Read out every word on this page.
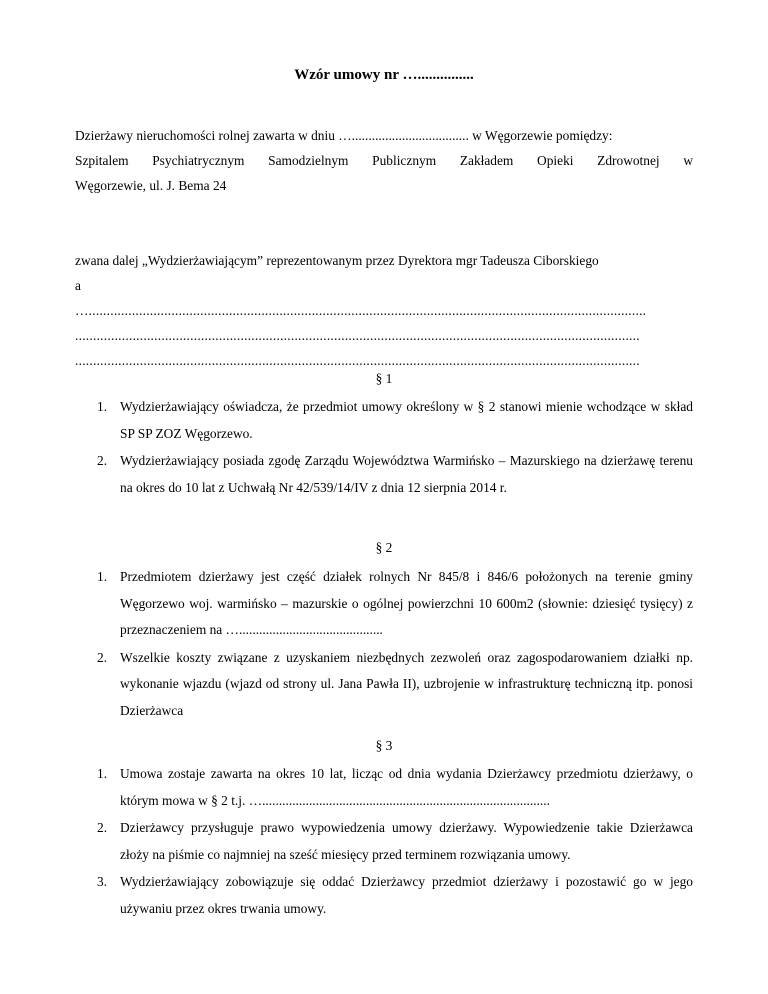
Wzór umowy nr …...............

Dzierżawy nieruchomości rolnej zawarta w dniu …................................... w Węgorzewie pomiędzy:

Szpitalem Psychiatrycznym Samodzielnym Publicznym Zakładem Opieki Zdrowotnej w

Węgorzewie, ul. J. Bema 24

zwana dalej „Wydzierżawiającym” reprezentowanym przez Dyrektora mgr Tadeusza Ciborskiego

a

…...........................................................................................................................................................

.............................................................................................................................................................

.............................................................................................................................................................

§ 1
1. Wydzierżawiający oświadcza, że przedmiot umowy określony w § 2 stanowi mienie wchodzące w skład SP SP ZOZ Węgorzewo.
2. Wydzierżawiający posiada zgodę Zarządu Województwa Warmińsko – Mazurskiego na dzierżawę terenu na okres do 10 lat z Uchwałą Nr 42/539/14/IV z dnia 12 sierpnia 2014 r.
§ 2
1. Przedmiotem dzierżawy jest część działek rolnych Nr 845/8 i 846/6 położonych na terenie gminy Węgorzewo woj. warmińsko – mazurskie o ogólnej powierzchni 10 600m2 (słownie: dziesięć tysięcy) z przeznaczeniem na …...........................................
2. Wszelkie koszty związane z uzyskaniem niezbędnych zezwoleń oraz zagospodarowaniem działki np. wykonanie wjazdu (wjazd od strony ul. Jana Pawła II), uzbrojenie w infrastrukturę techniczną itp. ponosi Dzierżawca
§ 3
1. Umowa zostaje zawarta na okres 10 lat, licząc od dnia wydania Dzierżawcy przedmiotu dzierżawy, o którym mowa w § 2 t.j. …......................................................................................
2. Dzierżawcy przysługuje prawo wypowiedzenia umowy dzierżawy. Wypowiedzenie takie Dzierżawca złoży na piśmie co najmniej na sześć miesięcy przed terminem rozwiązania umowy.
3. Wydzierżawiający zobowiązuje się oddać Dzierżawcy przedmiot dzierżawy i pozostawić go w jego używaniu przez okres trwania umowy.
